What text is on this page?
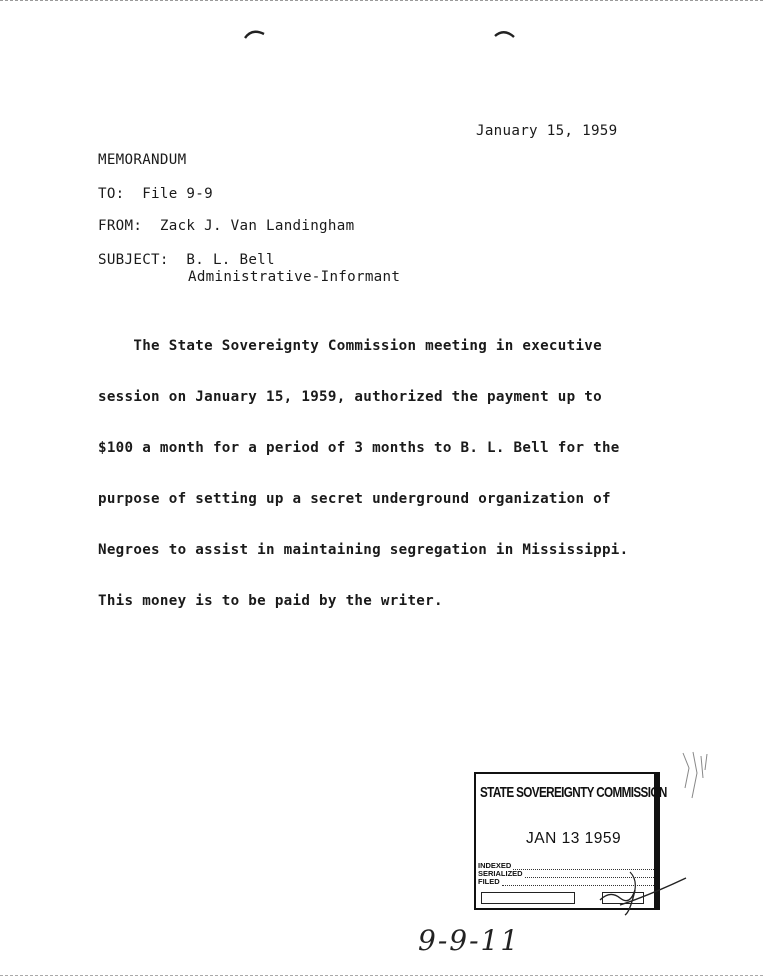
January 15, 1959
MEMORANDUM
TO: File 9-9
FROM: Zack J. Van Landingham
SUBJECT: B. L. Bell
Administrative-Informant

The State Sovereignty Commission meeting in executive

session on January 15, 1959, authorized the payment up to

$100 a month for a period of 3 months to B. L. Bell for the

purpose of setting up a secret underground organization of

Negroes to assist in maintaining segregation in Mississippi.

This money is to be paid by the writer.

STATE SOVEREIGNTY COMMISSION
JAN 13 1959
INDEXED
SERIALIZED
FILED
9-9-11
